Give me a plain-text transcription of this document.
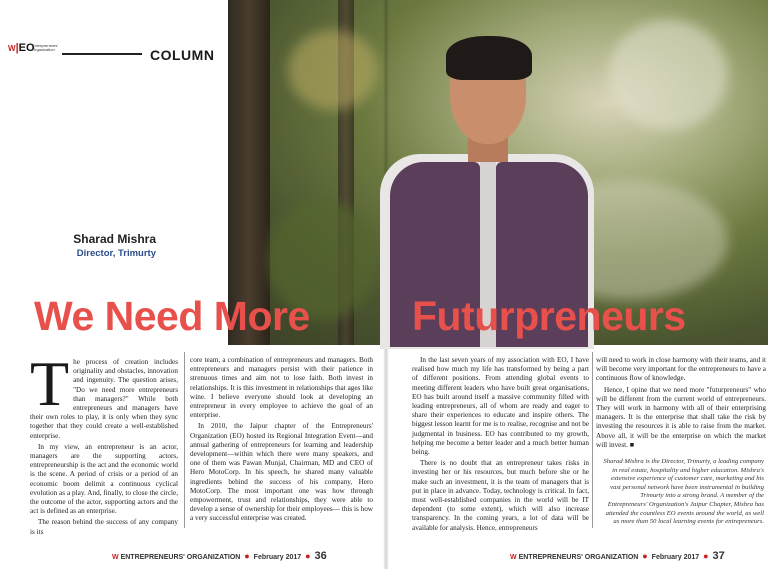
W|EO
Entrepreneurs' Organization	COLUMN
Sharad Mishra
Director, Trimurty
We Need More Futurpreneurs
T he process of creation includes originality and obstacles, innovation and ingenuity. The question arises, "Do we need more entrepreneurs than managers?" While both entrepreneurs and managers have their own roles to play, it is only when they sync together that they could create a well-established enterprise.

In my view, an entrepreneur is an actor, managers are the supporting actors, entrepreneurship is the act and the economic world is the scene. A period of crisis or a period of an economic boom delimit a continuous cyclical evolution as a play. And, finally, to close the circle, the outcome of the actor, supporting actors and the act is defined as an enterprise.

The reason behind the success of any company is its

core team, a combination of entrepreneurs and managers. Both entrepreneurs and managers persist with their patience in strenuous times and aim not to lose faith. Both invest in relationships. It is this investment in relationships that ages like wine. I believe everyone should look at developing an entrepreneur in every employee to achieve the goal of an enterprise.

In 2010, the Jaipur chapter of the Entrepreneurs' Organization (EO) hosted its Regional Integration Event—and annual gathering of entrepreneurs for learning and leadership development—within which there were many speakers, and one of them was Pawan Munjal, Chairman, MD and CEO of Hero MotoCorp. In his speech, he shared many valuable ingredients behind the success of his company, Hero MotoCorp. The most important one was how through empowerment, trust and relationships, they were able to develop a sense of ownership for their employees— this is how a very successful enterprise was created.

In the last seven years of my association with EO, I have realised how much my life has transformed by being a part of different positions. From attending global events to meeting different leaders who have built great organisations, EO has built around itself a massive community filled with leading entrepreneurs, all of whom are ready and eager to share their experiences to educate and inspire others. The biggest lesson learnt for me is to realise, recognise and not be judgmental in business. EO has contributed to my growth, helping me become a better leader and a much better human being.

There is no doubt that an entrepreneur takes risks in investing her or his resources, but much before she or he make such an investment, it is the team of managers that is put in place in advance. Today, technology is critical. In fact, most well-established companies in the world will be IT dependent (to some extent), which will also increase transparency. In the coming years, a lot of data will be available for analysis. Hence, entrepreneurs

will need to work in close harmony with their teams, and it will become very important for the entrepreneurs to have a continuous flow of knowledge.

Hence, I opine that we need more "futurpreneurs" who will be different from the current world of entrepreneurs. They will work in harmony with all of their enterprising managers. It is the enterprise that shall take the risk by investing the resources it is able to raise from the market. Above all, it will be the enterprise on which the market will invest. ■

Sharad Mishra is the Director, Trimurty, a leading company in real estate, hospitality and higher education. Mishra's extensive experience of customer care, marketing and his vast personal network have been instrumental in building Trimurty into a strong brand. A member of the Entrepreneurs' Organization's Jaipur Chapter, Mishra has attended the countless EO events around the world, as well as more than 50 local learning events for entrepreneurs.
W ENTREPRENEURS' ORGANIZATION ● February 2017 ● 36	W ENTREPRENEURS' ORGANIZATION ● February 2017 ● 37
